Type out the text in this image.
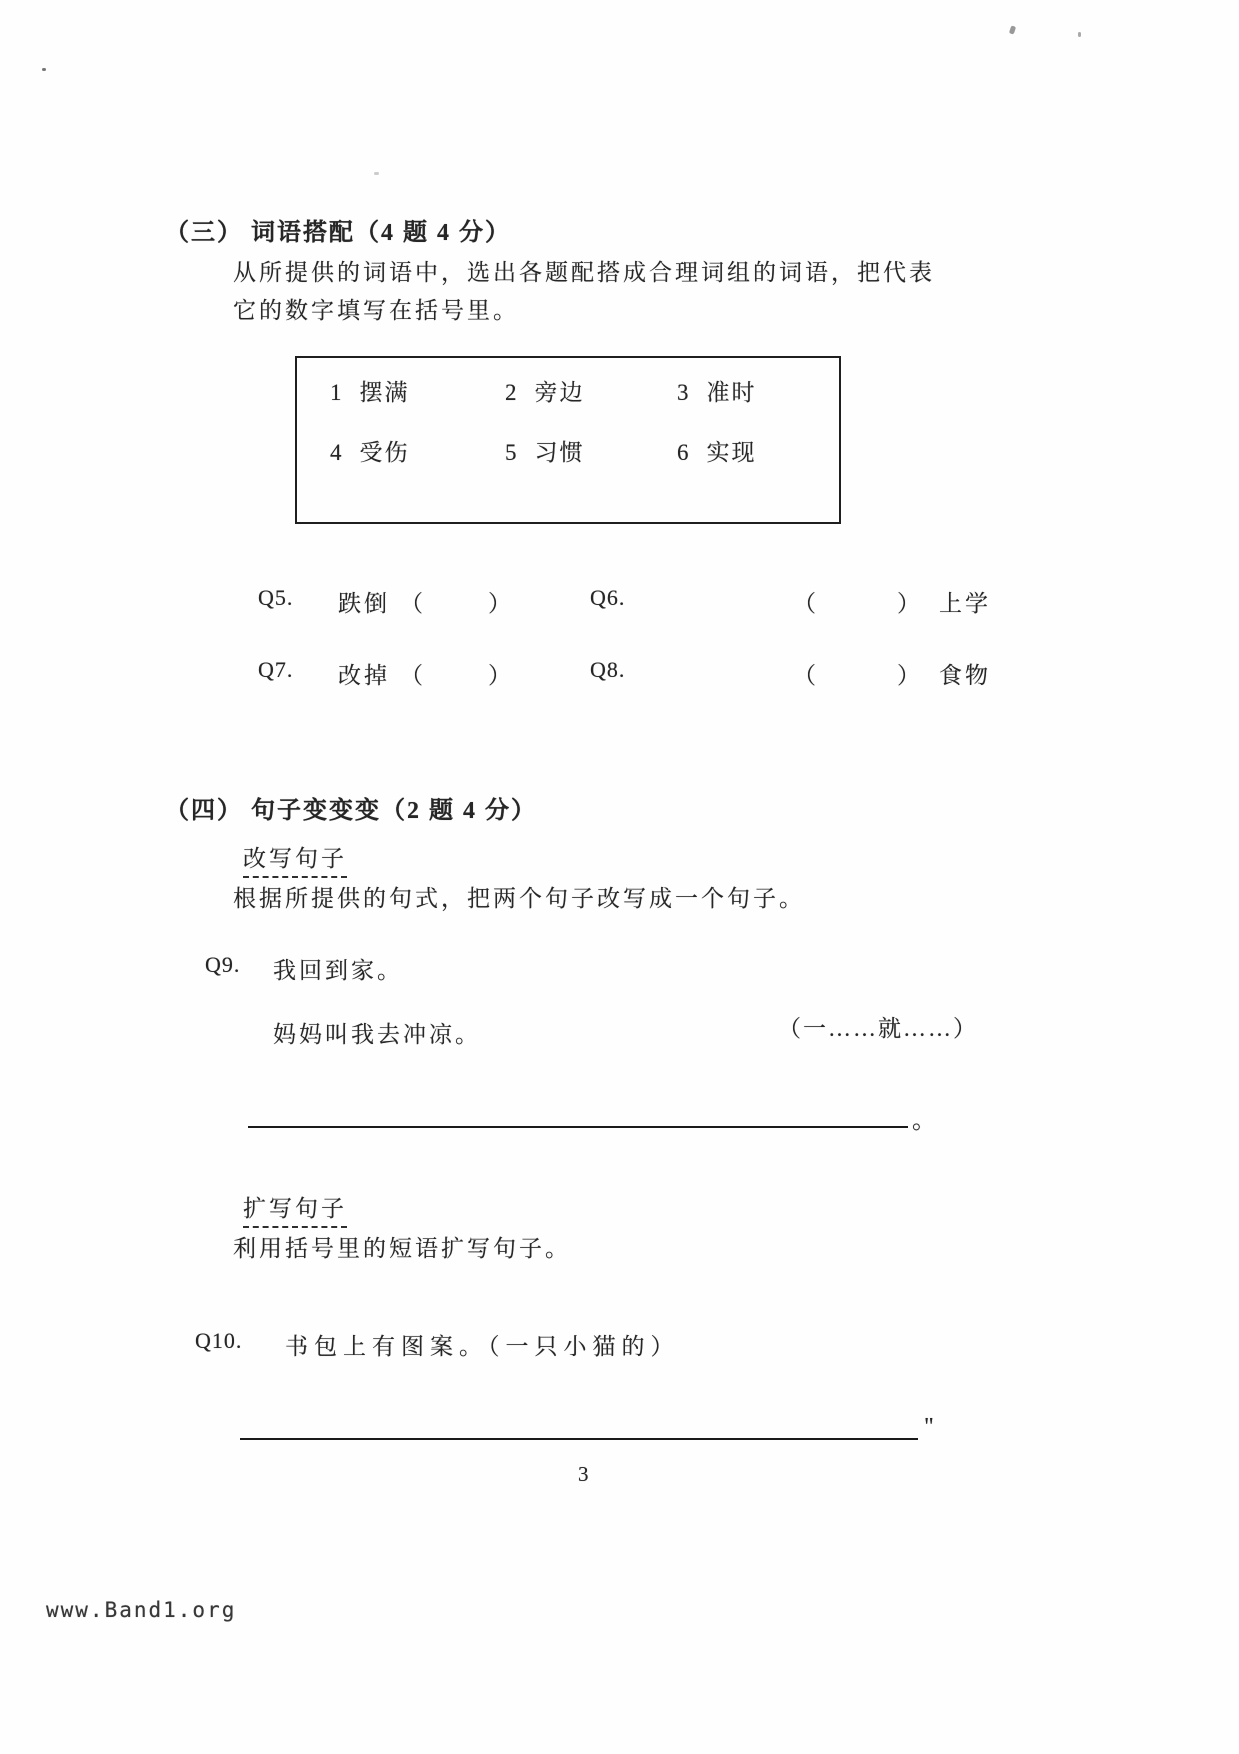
（三） 词语搭配（4 题 4 分）
从所提供的词语中，选出各题配搭成合理词组的词语，把代表
它的数字填写在括号里。
1 摆满	2 旁边	3 准时
4 受伤	5 习惯	6 实现
Q5. 跌倒 （	）	Q6.	（	） 上学
Q7. 改掉 （	）	Q8.	（	） 食物
（四） 句子变变变（2 题 4 分）
改写句子
根据所提供的句式，把两个句子改写成一个句子。
Q9. 我回到家。
妈妈叫我去冲凉。	（一……就……）
。
扩写句子
利用括号里的短语扩写句子。
Q10. 书包上有图案。（一只小猫的）
"
3
www.Band1.org
